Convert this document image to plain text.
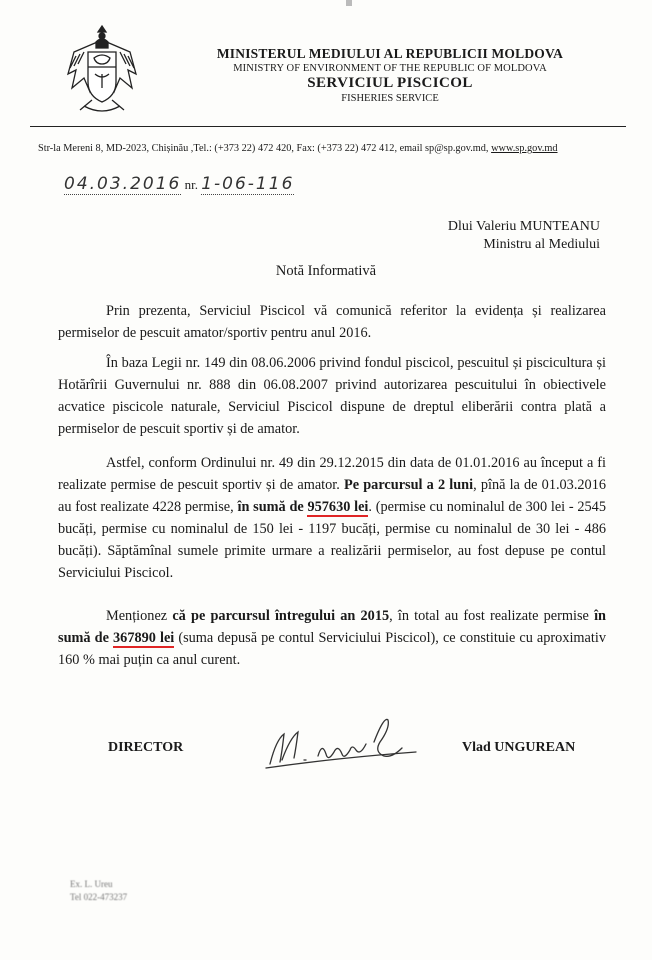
MINISTERUL MEDIULUI AL REPUBLICII MOLDOVA
MINISTRY OF ENVIRONMENT OF THE REPUBLIC OF MOLDOVA
SERVICIUL PISCICOL
FISHERIES SERVICE
Str-la Mereni 8, MD-2023, Chișinău ,Tel.: (+373 22) 472 420, Fax: (+373 22) 472 412, email sp@sp.gov.md, www.sp.gov.md
04.03.2016 nr. 1-06-116
Dlui Valeriu MUNTEANU
Ministru al Mediului
Notă Informativă

Prin prezenta, Serviciul Piscicol vă comunică referitor la evidența și realizarea permiselor de pescuit amator/sportiv pentru anul 2016.

În baza Legii nr. 149 din 08.06.2006 privind fondul piscicol, pescuitul și piscicultura și Hotărîrii Guvernului nr. 888 din 06.08.2007 privind autorizarea pescuitului în obiectivele acvatice piscicole naturale, Serviciul Piscicol dispune de dreptul eliberării contra plată a permiselor de pescuit sportiv și de amator.

Astfel, conform Ordinului nr. 49 din 29.12.2015 din data de 01.01.2016 au început a fi realizate permise de pescuit sportiv și de amator. Pe parcursul a 2 luni, pînă la de 01.03.2016 au fost realizate 4228 permise, în sumă de 957630 lei. (permise cu nominalul de 300 lei - 2545 bucăți, permise cu nominalul de 150 lei - 1197 bucăți, permise cu nominalul de 30 lei - 486 bucăți). Săptămînal sumele primite urmare a realizării permiselor, au fost depuse pe contul Serviciului Piscicol.

Menționez că pe parcursul întregului an 2015, în total au fost realizate permise în sumă de 367890 lei (suma depusă pe contul Serviciului Piscicol), ce constituie cu aproximativ 160 % mai puțin ca anul curent.

DIRECTOR	Vlad UNGUREAN
Ex. L. Ureu
Tel 022-473237
